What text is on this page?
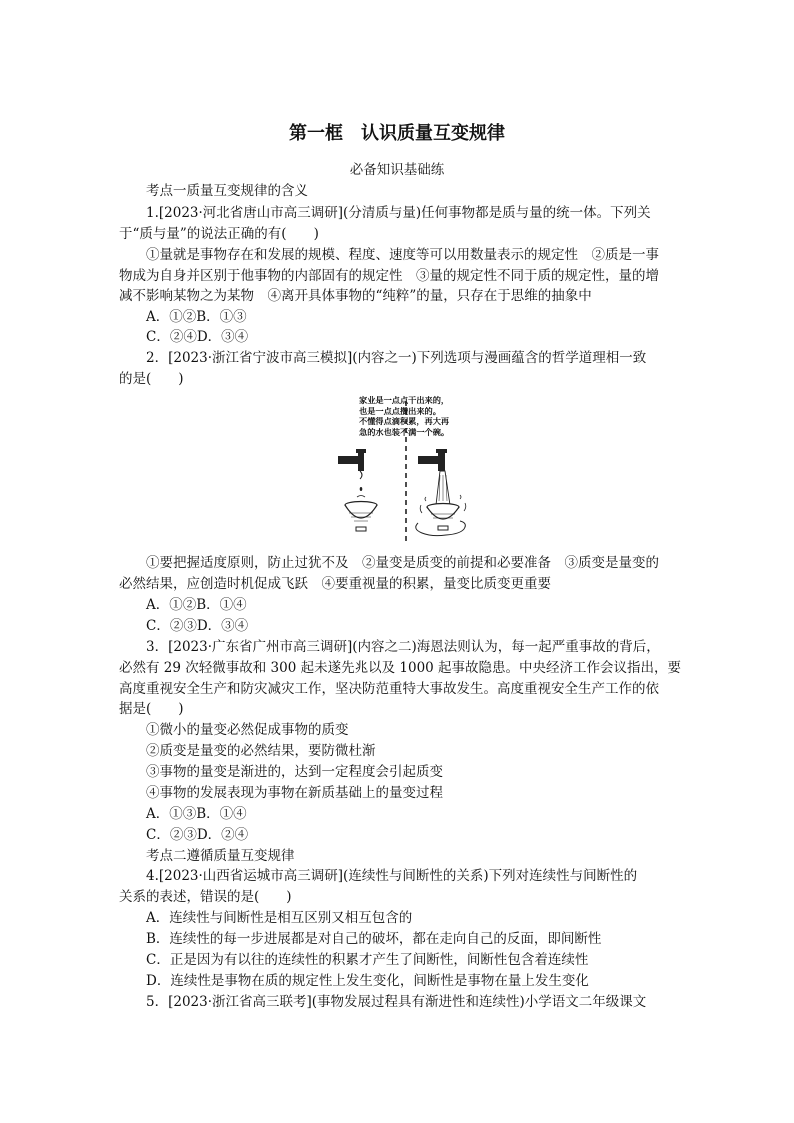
第一框　认识质量互变规律
必备知识基础练
考点一质量互变规律的含义
1.[2023·河北省唐山市高三调研](分清质与量)任何事物都是质与量的统一体。下列关
于“质与量”的说法正确的有(　　)
①量就是事物存在和发展的规模、程度、速度等可以用数量表示的规定性　②质是一事
物成为自身并区别于他事物的内部固有的规定性　③量的规定性不同于质的规定性，量的增
减不影响某物之为某物　④离开具体事物的“纯粹”的量，只存在于思维的抽象中
A．①②B．①③
C．②④D．③④
2．[2023·浙江省宁波市高三模拟](内容之一)下列选项与漫画蕴含的哲学道理相一致
的是(　　)
家业是一点点干出来的，
也是一点点攒出来的。
不懂得点滴积累，再大再
急的水也装不满一个碗。
①要把握适度原则，防止过犹不及　②量变是质变的前提和必要准备　③质变是量变的
必然结果，应创造时机促成飞跃　④要重视量的积累，量变比质变更重要
A．①②B．①④
C．②③D．③④
3．[2023·广东省广州市高三调研](内容之二)海恩法则认为，每一起严重事故的背后，
必然有 29 次轻微事故和 300 起未遂先兆以及 1000 起事故隐患。中央经济工作会议指出，要
高度重视安全生产和防灾减灾工作，坚决防范重特大事故发生。高度重视安全生产工作的依
据是(　　)
①微小的量变必然促成事物的质变
②质变是量变的必然结果，要防微杜渐
③事物的量变是渐进的，达到一定程度会引起质变
④事物的发展表现为事物在新质基础上的量变过程
A．①③B．①④
C．②③D．②④
考点二遵循质量互变规律
4.[2023·山西省运城市高三调研](连续性与间断性的关系)下列对连续性与间断性的
关系的表述，错误的是(　　)
A．连续性与间断性是相互区别又相互包含的
B．连续性的每一步进展都是对自己的破坏，都在走向自己的反面，即间断性
C．正是因为有以往的连续性的积累才产生了间断性，间断性包含着连续性
D．连续性是事物在质的规定性上发生变化，间断性是事物在量上发生变化
5．[2023·浙江省高三联考](事物发展过程具有渐进性和连续性)小学语文二年级课文
